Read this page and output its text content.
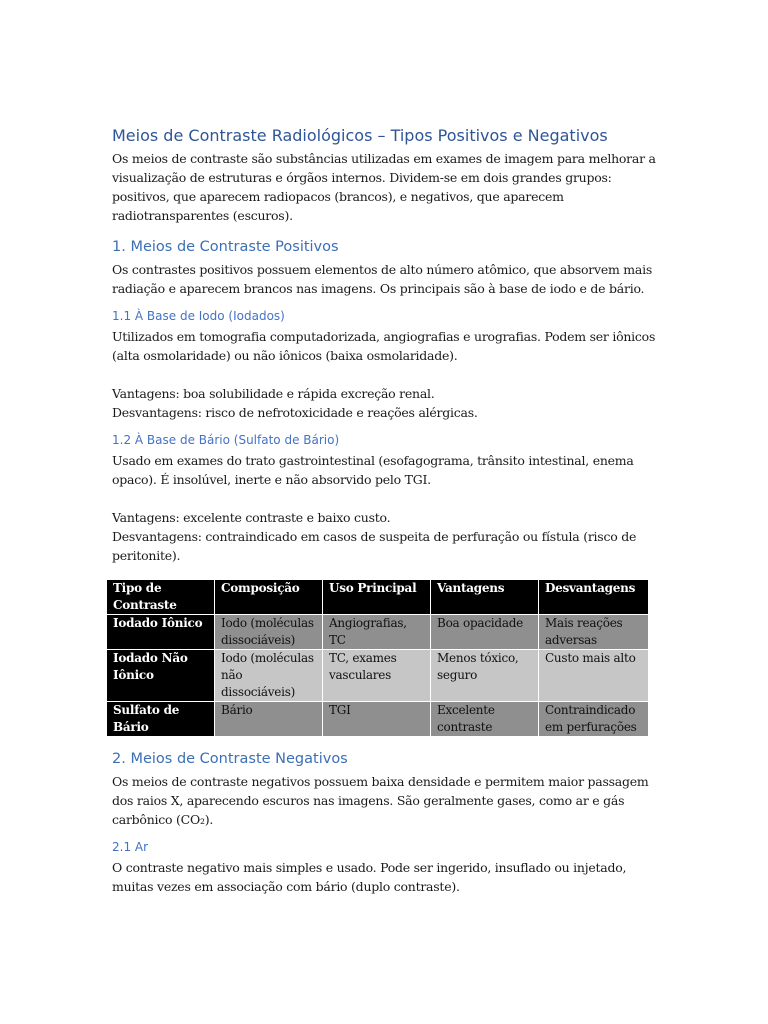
Meios de Contraste Radiológicos – Tipos Positivos e Negativos

Os meios de contraste são substâncias utilizadas em exames de imagem para melhorar a visualização de estruturas e órgãos internos. Dividem-se em dois grandes grupos: positivos, que aparecem radiopacos (brancos), e negativos, que aparecem radiotransparentes (escuros).

1. Meios de Contraste Positivos

Os contrastes positivos possuem elementos de alto número atômico, que absorvem mais radiação e aparecem brancos nas imagens. Os principais são à base de iodo e de bário.

1.1 À Base de Iodo (Iodados)

Utilizados em tomografia computadorizada, angiografias e urografias. Podem ser iônicos (alta osmolaridade) ou não iônicos (baixa osmolaridade).

Vantagens: boa solubilidade e rápida excreção renal.

Desvantagens: risco de nefrotoxicidade e reações alérgicas.

1.2 À Base de Bário (Sulfato de Bário)

Usado em exames do trato gastrointestinal (esofagograma, trânsito intestinal, enema opaco). É insolúvel, inerte e não absorvido pelo TGI.

Vantagens: excelente contraste e baixo custo.

Desvantagens: contraindicado em casos de suspeita de perfuração ou fístula (risco de peritonite).

Tipo de Contraste	Composição	Uso Principal	Vantagens	Desvantagens
Iodado Iônico	Iodo (moléculas dissociáveis)	Angiografias, TC	Boa opacidade	Mais reações adversas
Iodado Não Iônico	Iodo (moléculas não dissociáveis)	TC, exames vasculares	Menos tóxico, seguro	Custo mais alto
Sulfato de Bário	Bário	TGI	Excelente contraste	Contraindicado em perfurações
2. Meios de Contraste Negativos

Os meios de contraste negativos possuem baixa densidade e permitem maior passagem dos raios X, aparecendo escuros nas imagens. São geralmente gases, como ar e gás carbônico (CO₂).

2.1 Ar

O contraste negativo mais simples e usado. Pode ser ingerido, insuflado ou injetado, muitas vezes em associação com bário (duplo contraste).
